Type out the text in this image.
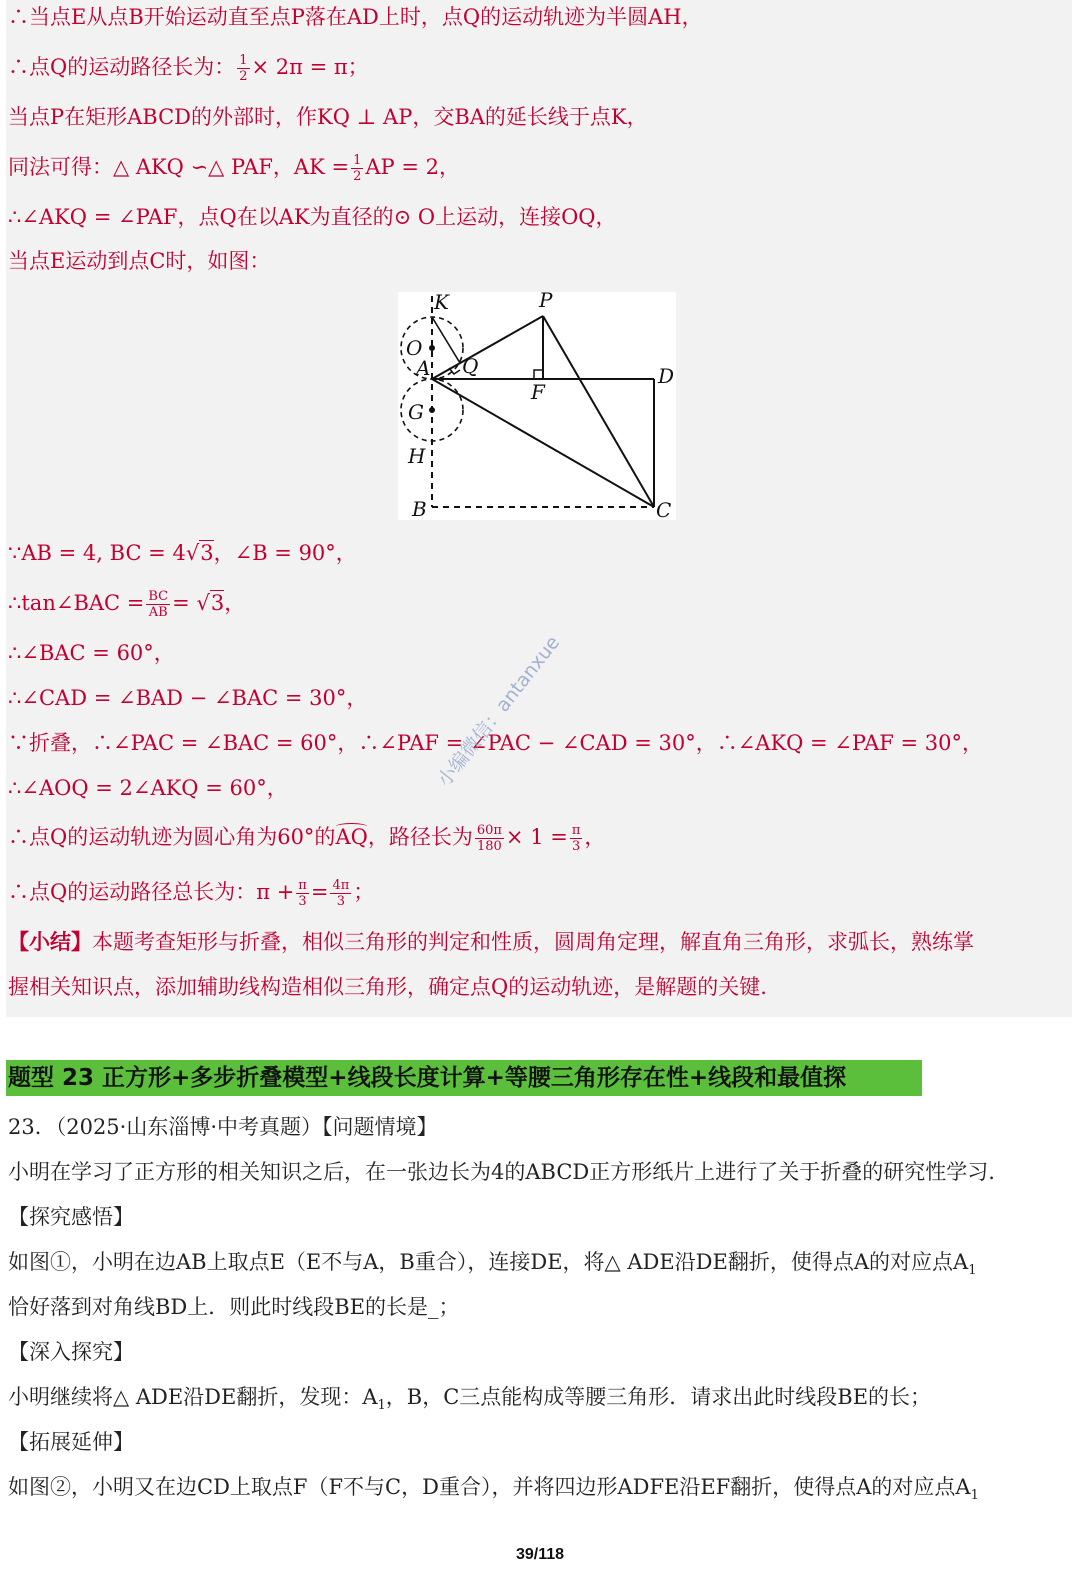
∴当点E从点B开始运动直至点P落在AD上时，点Q的运动轨迹为半圆AH，
∴点Q的运动路径长为： $\frac{1}{2} \times 2\pi = \pi$；
当点P在矩形ABCD的外部时，作KQ ⊥ AP，交BA的延长线于点K，
同法可得：△ AKQ ∽△ PAF，AK = $\frac{1}{2}$ AP = 2，
∴∠AKQ = ∠PAF，点Q在以AK为直径的⊙ O上运动，连接OQ，
当点E运动到点C时，如图：
K	P
O
A Q	D
F
G
H
B	C
∵AB = 4, BC = 4√3，∠B = 90°，
∴tan∠BAC = $\frac{BC}{AB} = √3$，
∴∠BAC = 60°，
∴∠CAD = ∠BAD − ∠BAC = 30°，
∵折叠，∴∠PAC = ∠BAC = 60°，∴∠PAF = ∠PAC − ∠CAD = 30°，∴∠AKQ = ∠PAF = 30°，
∴∠AOQ = 2∠AKQ = 60°，
∴点Q的运动轨迹为圆心角为60°的AQ，路径长为 $\frac{60\pi}{180} \times 1 = \frac{\pi}{3}$ ，
∴点Q的运动路径总长为：$\pi + \frac{\pi}{3} = \frac{4\pi}{3}$ ；
【小结】本题考查矩形与折叠，相似三角形的判定和性质，圆周角定理，解直角三角形，求弧长，熟练掌
握相关知识点，添加辅助线构造相似三角形，确定点Q的运动轨迹，是解题的关键.
小编微信：antanxue
题型 23 正方形+多步折叠模型+线段长度计算+等腰三角形存在性+线段和最值探
23．（2025·山东淄博·中考真题）【问题情境】
小明在学习了正方形的相关知识之后，在一张边长为4的ABCD正方形纸片上进行了关于折叠的研究性学习.
【探究感悟】
如图①，小明在边AB上取点E（E不与A，B重合），连接DE，将△ ADE沿DE翻折，使得点A的对应点$A_1$
恰好落到对角线BD上．则此时线段BE的长是_；
【深入探究】
小明继续将△ ADE沿DE翻折，发现：$A_1$，B，C三点能构成等腰三角形．请求出此时线段BE的长；
【拓展延伸】
如图②，小明又在边CD上取点F（F不与C，D重合），并将四边形ADFE沿EF翻折，使得点A的对应点$A_1$
39/118
